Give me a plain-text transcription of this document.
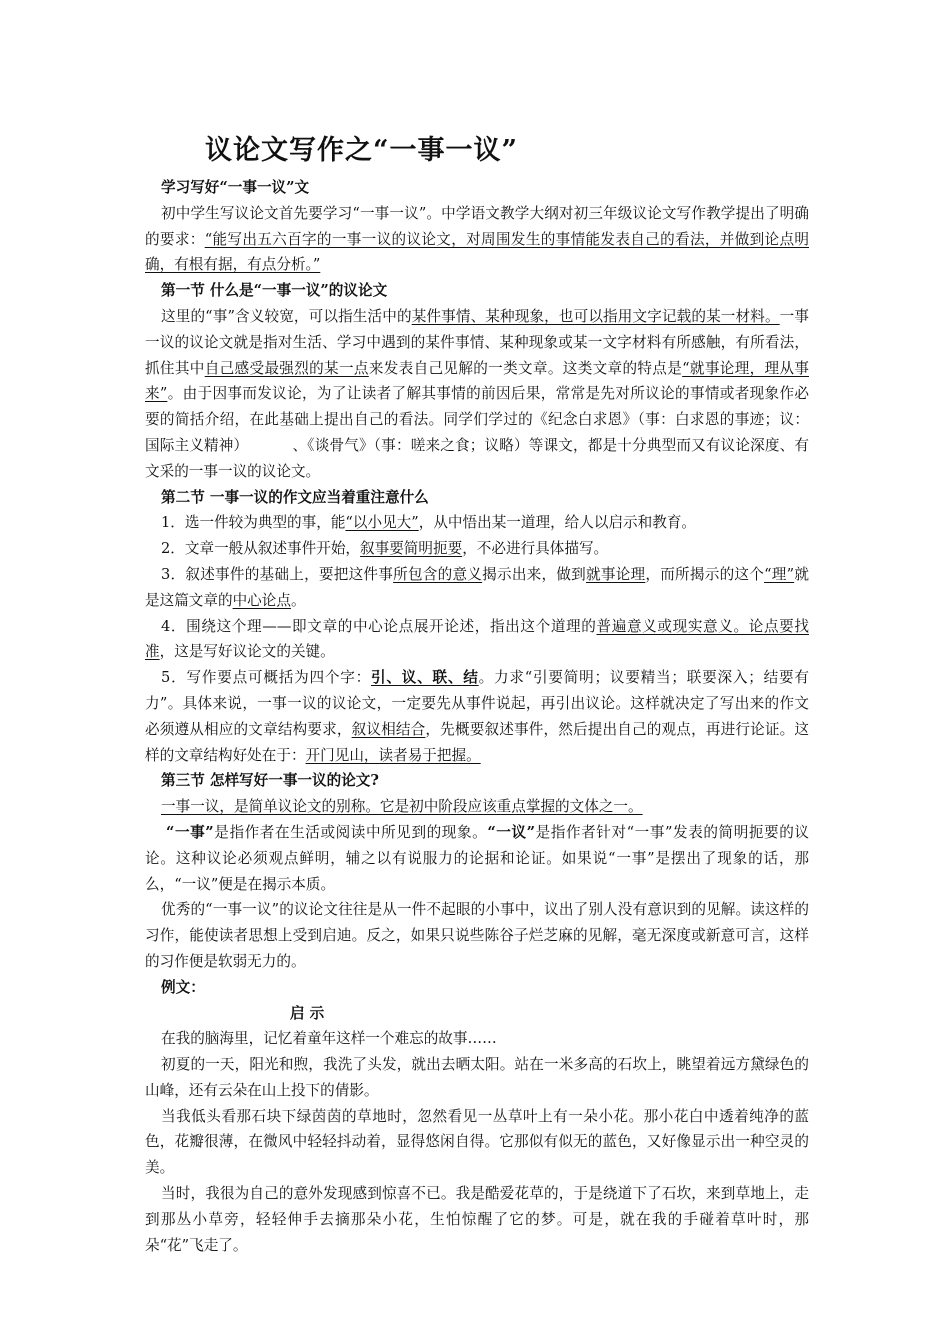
议论文写作之“一事一议”

学习写好“一事一议”文

初中学生写议论文首先要学习“一事一议”。中学语文教学大纲对初三年级议论文写作教学提出了明确的要求：“能写出五六百字的一事一议的议论文，对周围发生的事情能发表自己的看法，并做到论点明确，有根有据，有点分析。”

第一节 什么是“一事一议”的议论文

这里的“事”含义较宽，可以指生活中的某件事情、某种现象，也可以指用文字记载的某一材料。一事一议的议论文就是指对生活、学习中遇到的某件事情、某种现象或某一文字材料有所感触，有所看法，抓住其中自己感受最强烈的某一点来发表自己见解的一类文章。这类文章的特点是“就事论理，理从事来”。由于因事而发议论，为了让读者了解其事情的前因后果，常常是先对所议论的事情或者现象作必要的简括介绍，在此基础上提出自己的看法。同学们学过的《纪念白求恩》（事：白求恩的事迹；议：国际主义精神）	、《谈骨气》（事：嗟来之食；议略）等课文，都是十分典型而又有议论深度、有文采的一事一议的议论文。

第二节 一事一议的作文应当着重注意什么

1．选一件较为典型的事，能“以小见大”，从中悟出某一道理，给人以启示和教育。

2．文章一般从叙述事件开始，叙事要简明扼要，不必进行具体描写。

3．叙述事件的基础上，要把这件事所包含的意义揭示出来，做到就事论理，而所揭示的这个“理”就是这篇文章的中心论点。

4．围绕这个理——即文章的中心论点展开论述，指出这个道理的普遍意义或现实意义。论点要找准，这是写好议论文的关键。

5．写作要点可概括为四个字：引、议、联、结。力求“引要简明；议要精当；联要深入；结要有力”。具体来说，一事一议的议论文，一定要先从事件说起，再引出议论。这样就决定了写出来的作文必须遵从相应的文章结构要求，叙议相结合，先概要叙述事件，然后提出自己的观点，再进行论证。这样的文章结构好处在于：开门见山，读者易于把握。

第三节 怎样写好一事一议的论文?

一事一议，是简单议论文的别称。它是初中阶段应该重点掌握的文体之一。

“一事”是指作者在生活或阅读中所见到的现象。“一议”是指作者针对“一事”发表的简明扼要的议论。这种议论必须观点鲜明，辅之以有说服力的论据和论证。如果说“一事”是摆出了现象的话，那么，“一议”便是在揭示本质。

优秀的“一事一议”的议论文往往是从一件不起眼的小事中，议出了别人没有意识到的见解。读这样的习作，能使读者思想上受到启迪。反之，如果只说些陈谷子烂芝麻的见解，毫无深度或新意可言，这样的习作便是软弱无力的。

例文：

启 示

在我的脑海里，记忆着童年这样一个难忘的故事……

初夏的一天，阳光和煦，我洗了头发，就出去晒太阳。站在一米多高的石坎上，眺望着远方黛绿色的山峰，还有云朵在山上投下的倩影。

当我低头看那石块下绿茵茵的草地时，忽然看见一丛草叶上有一朵小花。那小花白中透着纯净的蓝色，花瓣很薄，在微风中轻轻抖动着，显得悠闲自得。它那似有似无的蓝色，又好像显示出一种空灵的美。

当时，我很为自己的意外发现感到惊喜不已。我是酷爱花草的，于是绕道下了石坎，来到草地上，走到那丛小草旁，轻轻伸手去摘那朵小花，生怕惊醒了它的梦。可是，就在我的手碰着草叶时，那朵“花”飞走了。
